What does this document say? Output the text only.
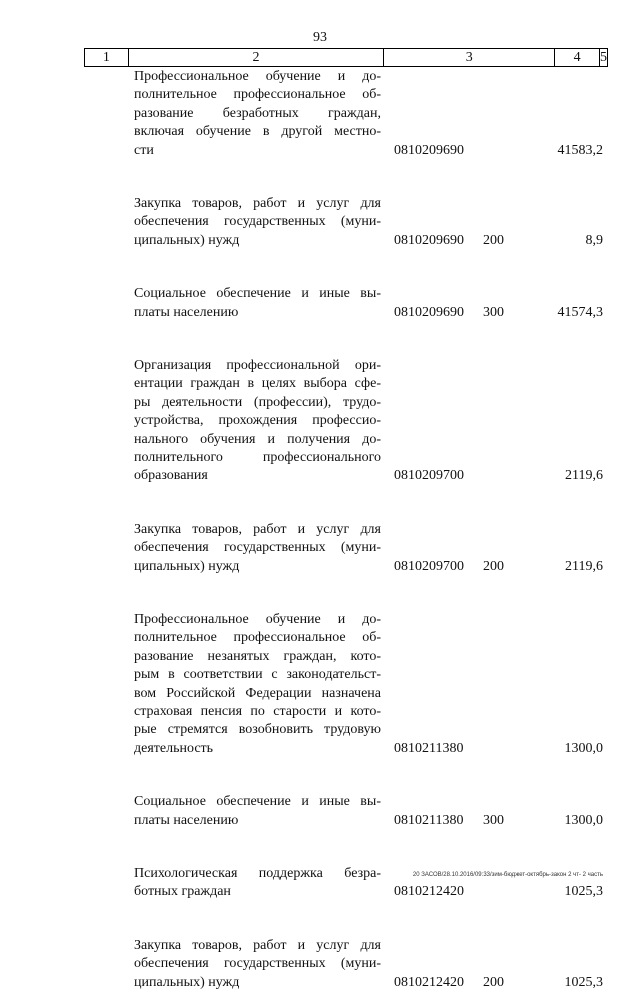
93
1	2	3	4	5
Профессиональное обучение и до-
полнительное профессиональное об-
разование безработных граждан,
включая обучение в другой местно-
сти	0810209690	41583,2
Закупка товаров, работ и услуг для
обеспечения государственных (муни-
ципальных) нужд	0810209690 200	8,9
Социальное обеспечение и иные вы-
платы населению	0810209690 300	41574,3
Организация профессиональной ори-
ентации граждан в целях выбора сфе-
ры деятельности (профессии), трудо-
устройства, прохождения профессио-
нального обучения и получения до-
полнительного профессионального
образования	0810209700	2119,6
Закупка товаров, работ и услуг для
обеспечения государственных (муни-
ципальных) нужд	0810209700 200	2119,6
Профессиональное обучение и до-
полнительное профессиональное об-
разование незанятых граждан, кото-
рым в соответствии с законодательст-
вом Российской Федерации назначена
страховая пенсия по старости и кото-
рые стремятся возобновить трудовую
деятельность	0810211380	1300,0
Социальное обеспечение и иные вы-
платы населению	0810211380 300	1300,0
Психологическая поддержка безра-
ботных граждан	0810212420	1025,3
Закупка товаров, работ и услуг для
обеспечения государственных (муни-
ципальных) нужд	0810212420 200	1025,3
20 ЗАСОВ/28.10.2016/09:33/зим-бюджет-октябрь-закон 2 чт- 2 часть
